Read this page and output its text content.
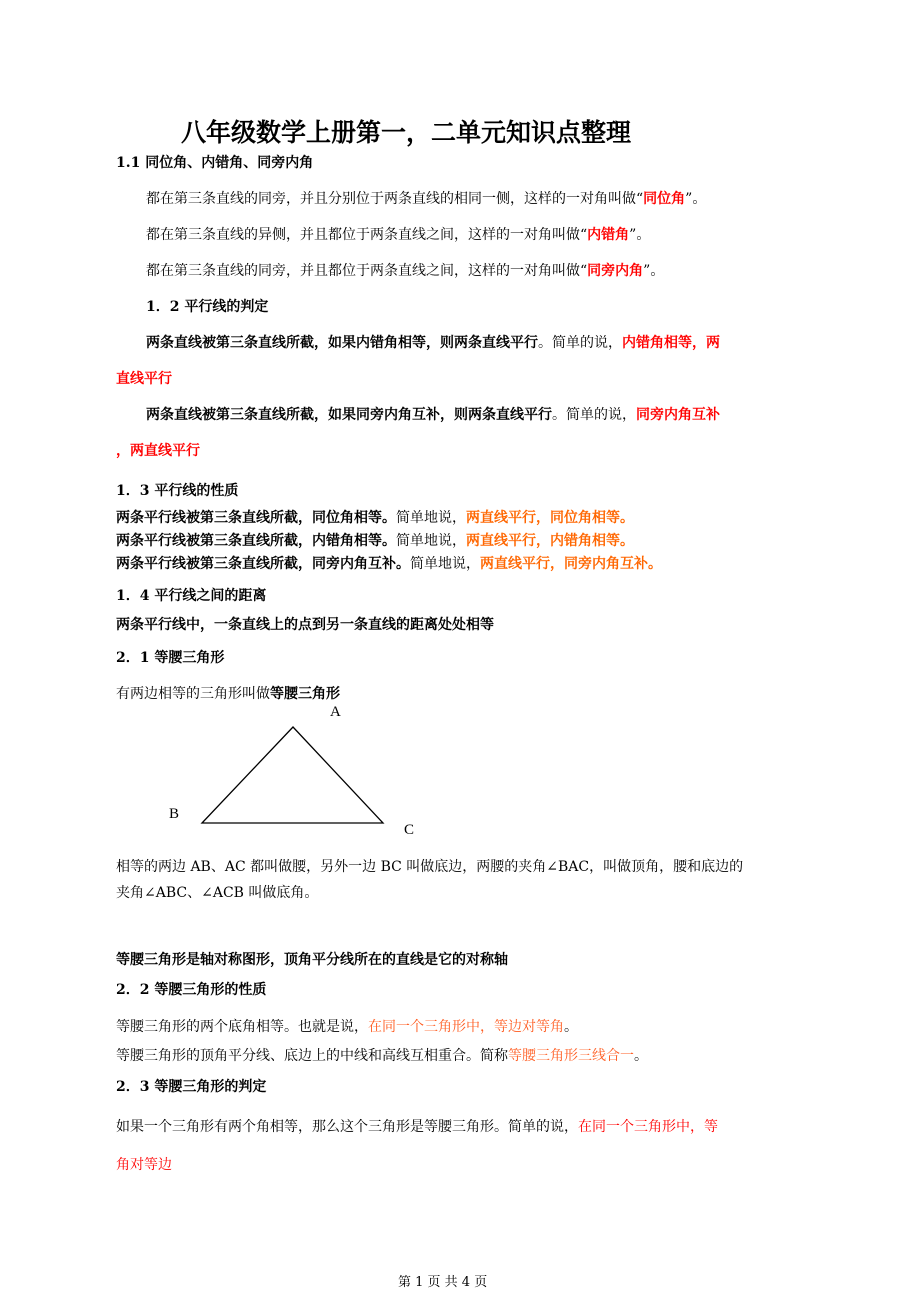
八年级数学上册第一，二单元知识点整理
1.1 同位角、内错角、同旁内角
都在第三条直线的同旁，并且分别位于两条直线的相同一侧，这样的一对角叫做“同位角”。
都在第三条直线的异侧，并且都位于两条直线之间，这样的一对角叫做“内错角”。
都在第三条直线的同旁，并且都位于两条直线之间，这样的一对角叫做“同旁内角”。
1．2 平行线的判定
两条直线被第三条直线所截，如果内错角相等，则两条直线平行。简单的说，内错角相等，两
直线平行
两条直线被第三条直线所截，如果同旁内角互补，则两条直线平行。简单的说，同旁内角互补
，两直线平行
1．3 平行线的性质
两条平行线被第三条直线所截，同位角相等。简单地说，两直线平行，同位角相等。
两条平行线被第三条直线所截，内错角相等。简单地说，两直线平行，内错角相等。
两条平行线被第三条直线所截，同旁内角互补。简单地说，两直线平行，同旁内角互补。
1．4 平行线之间的距离
两条平行线中，一条直线上的点到另一条直线的距离处处相等
2．1 等腰三角形
有两边相等的三角形叫做等腰三角形
A
B
C
相等的两边 AB、AC 都叫做腰，另外一边 BC 叫做底边，两腰的夹角∠BAC，叫做顶角，腰和底边的
夹角∠ABC、∠ACB 叫做底角。
等腰三角形是轴对称图形，顶角平分线所在的直线是它的对称轴
2．2 等腰三角形的性质
等腰三角形的两个底角相等。也就是说，在同一个三角形中，等边对等角。
等腰三角形的顶角平分线、底边上的中线和高线互相重合。简称等腰三角形三线合一。
2．3 等腰三角形的判定
如果一个三角形有两个角相等，那么这个三角形是等腰三角形。简单的说，在同一个三角形中，等
角对等边
第 1 页 共 4 页
